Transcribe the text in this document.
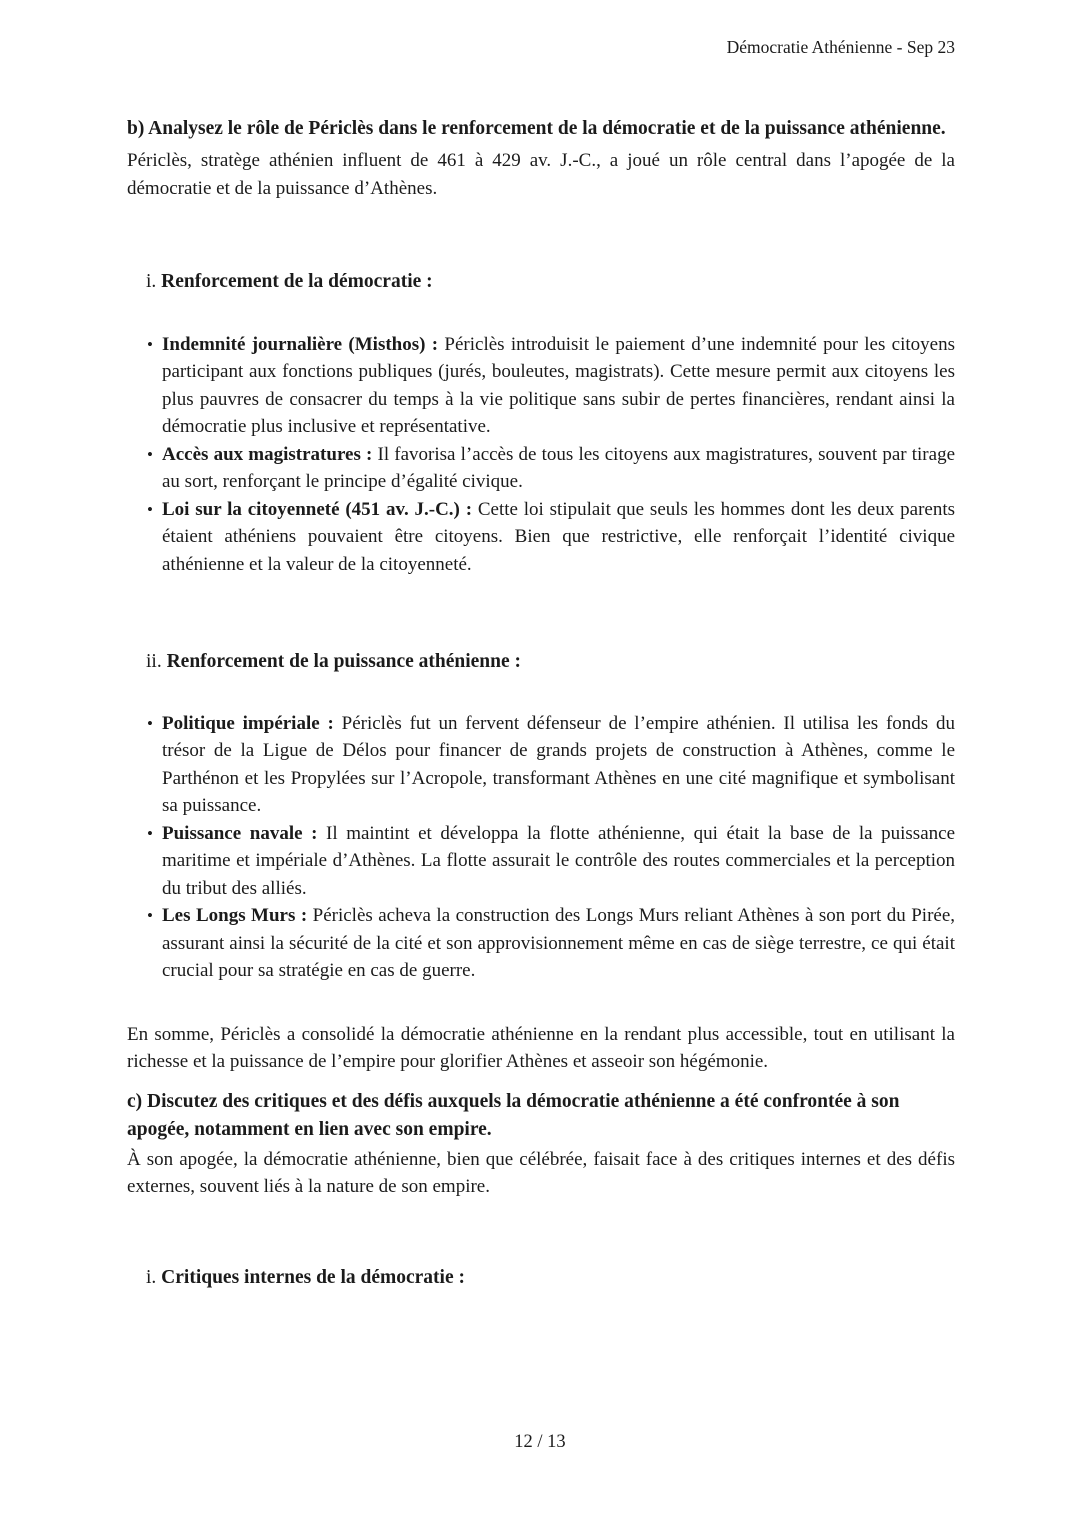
Démocratie Athénienne - Sep 23
b) Analysez le rôle de Périclès dans le renforcement de la démocratie et de la puissance athénienne.

Périclès, stratège athénien influent de 461 à 429 av. J.-C., a joué un rôle central dans l’apogée de la démocratie et de la puissance d’Athènes.

i. Renforcement de la démocratie :
• Indemnité journalière (Misthos) : Périclès introduisit le paiement d’une indemnité pour les citoyens participant aux fonctions publiques (jurés, bouleutes, magistrats). Cette mesure permit aux citoyens les plus pauvres de consacrer du temps à la vie politique sans subir de pertes financières, rendant ainsi la démocratie plus inclusive et représentative.
• Accès aux magistratures : Il favorisa l’accès de tous les citoyens aux magistratures, souvent par tirage au sort, renforçant le principe d’égalité civique.
• Loi sur la citoyenneté (451 av. J.-C.) : Cette loi stipulait que seuls les hommes dont les deux parents étaient athéniens pouvaient être citoyens. Bien que restrictive, elle renforçait l’identité civique athénienne et la valeur de la citoyenneté.
ii. Renforcement de la puissance athénienne :
• Politique impériale : Périclès fut un fervent défenseur de l’empire athénien. Il utilisa les fonds du trésor de la Ligue de Délos pour financer de grands projets de construction à Athènes, comme le Parthénon et les Propylées sur l’Acropole, transformant Athènes en une cité magnifique et symbolisant sa puissance.
• Puissance navale : Il maintint et développa la flotte athénienne, qui était la base de la puissance maritime et impériale d’Athènes. La flotte assurait le contrôle des routes commerciales et la perception du tribut des alliés.
• Les Longs Murs : Périclès acheva la construction des Longs Murs reliant Athènes à son port du Pirée, assurant ainsi la sécurité de la cité et son approvisionnement même en cas de siège terrestre, ce qui était crucial pour sa stratégie en cas de guerre.

En somme, Périclès a consolidé la démocratie athénienne en la rendant plus accessible, tout en utilisant la richesse et la puissance de l’empire pour glorifier Athènes et asseoir son hégémonie.

c) Discutez des critiques et des défis auxquels la démocratie athénienne a été confrontée à son apogée, notamment en lien avec son empire.

À son apogée, la démocratie athénienne, bien que célébrée, faisait face à des critiques internes et des défis externes, souvent liés à la nature de son empire.

i. Critiques internes de la démocratie :
12 / 13
